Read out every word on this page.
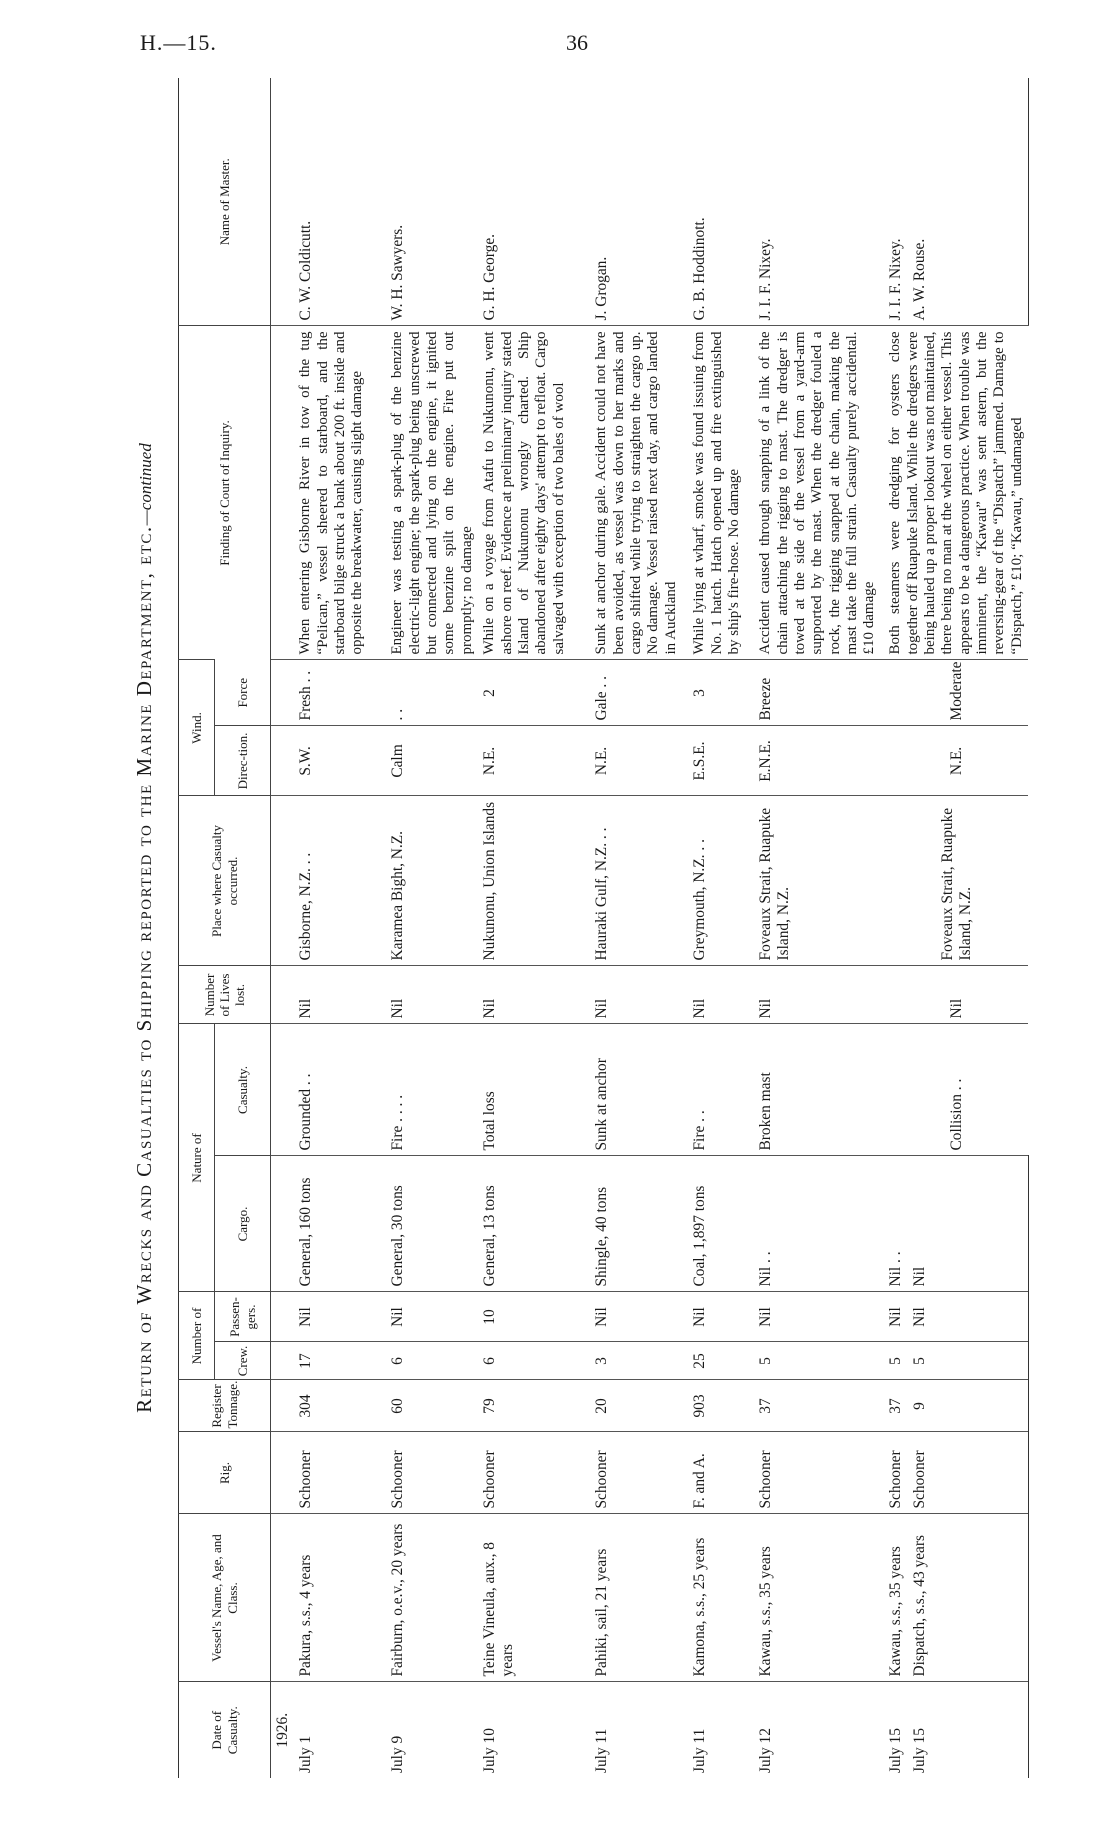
H.—15.	36
Return of Wrecks and Casualties to Shipping reported to the Marine Department, etc.—continued
Date of Casualty.	Vessel's Name, Age, and Class.	Rig.	Register Tonnage.	Number of		Nature of		Number of Lives lost.	Place where Casualty occurred.	Wind.		Finding of Court of Inquiry.	Name of Master.
				Crew.	Passen-gers.	Cargo.	Casualty.			Direc-tion.	Force		

1926.													
July 1	Pakura, s.s., 4 years	Schooner	304	17	Nil	General, 160 tons	Grounded . .	Nil	Gisborne, N.Z. . .	S.W.	Fresh . .	When entering Gisborne River in tow of the tug “Pelican,” vessel sheered to starboard, and the starboard bilge struck a bank about 200 ft. inside and opposite the breakwater, causing slight damage	C. W. Coldicutt.
July 9	Fairburn, o.e.v., 20 years	Schooner	60	6	Nil	General, 30 tons	Fire . . . .	Nil	Karamea Bight, N.Z.	Calm	. .	Engineer was testing a spark-plug of the benzine electric-light engine; the spark-plug being unscrewed but connected and lying on the engine, it ignited some benzine spilt on the engine. Fire put out promptly; no damage	W. H. Sawyers.
July 10	Teine Vineula, aux., 8 years	Schooner	79	6	10	General, 13 tons	Total loss	Nil	Nukunonu, Union Islands	N.E.	2	While on a voyage from Atafu to Nukunonu, went ashore on reef. Evidence at preliminary inquiry stated Island of Nukunonu wrongly charted. Ship abandoned after eighty days' attempt to refloat. Cargo salvaged with exception of two bales of wool	G. H. George.
July 11	Pahiki, sail, 21 years	Schooner	20	3	Nil	Shingle, 40 tons	Sunk at anchor	Nil	Hauraki Gulf, N.Z. . .	N.E.	Gale . .	Sunk at anchor during gale. Accident could not have been avoided, as vessel was down to her marks and cargo shifted while trying to straighten the cargo up. No damage. Vessel raised next day, and cargo landed in Auckland	J. Grogan.
July 11	Kamona, s.s., 25 years	F. and A.	903	25	Nil	Coal, 1,897 tons	Fire . .	Nil	Greymouth, N.Z. . .	E.S.E.	3	While lying at wharf, smoke was found issuing from No. 1 hatch. Hatch opened up and fire extinguished by ship's fire-hose. No damage	G. B. Hoddinott.
July 12	Kawau, s.s., 35 years	Schooner	37	5	Nil	Nil . .	Broken mast	Nil	Foveaux Strait, Ruapuke Island, N.Z.	E.N.E.	Breeze	Accident caused through snapping of a link of the chain attaching the rigging to mast. The dredger is towed at the side of the vessel from a yard-arm supported by the mast. When the dredger fouled a rock, the rigging snapped at the chain, making the mast take the full strain. Casualty purely accidental. £10 damage	J. I. F. Nixey.
July 15	Kawau, s.s., 35 years	Schooner	37	5	Nil	Nil . .	Collision . .	Nil	Foveaux Strait, Ruapuke Island, N.Z.	N.E.	Moderate	Both steamers were dredging for oysters close together off Ruapuke Island. While the dredgers were being hauled up a proper lookout was not maintained, there being no man at the wheel on either vessel. This appears to be a dangerous practice. When trouble was imminent, the “Kawau” was sent astern, but the reversing-gear of the “Dispatch” jammed. Damage to “Dispatch,” £10; “Kawau,” undamaged	J. I. F. Nixey.
July 15	Dispatch, s.s., 43 years	Schooner	9	5	Nil	Nil							A. W. Rouse.
